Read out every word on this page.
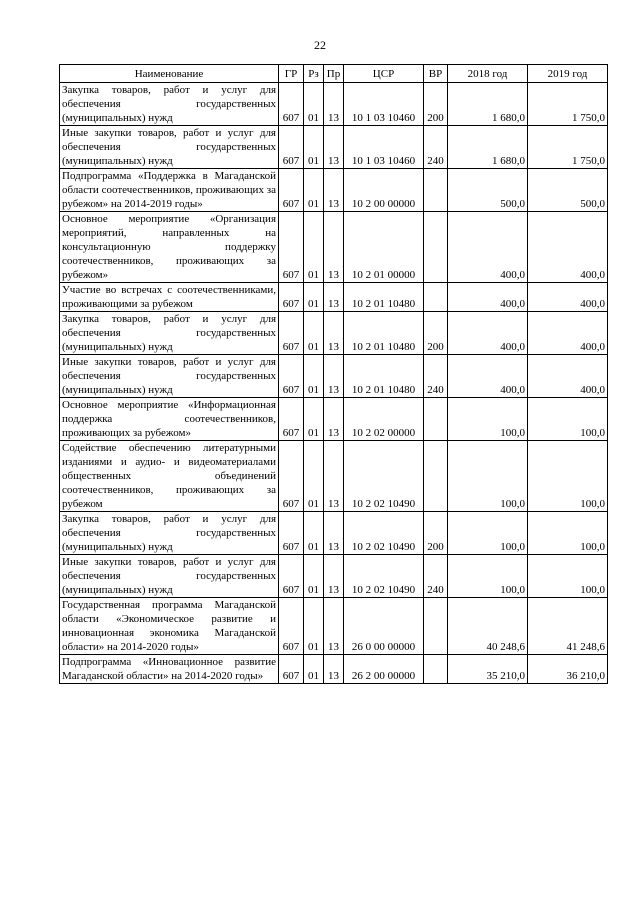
22
Наименование	ГР	Рз	Пр	ЦСР	ВР	2018 год	2019 год
Закупка товаров, работ и услуг для обеспечения государственных (муниципальных) нужд	607	01	13	10 1 03 10460	200	1 680,0	1 750,0
Иные закупки товаров, работ и услуг для обеспечения государственных (муниципальных) нужд	607	01	13	10 1 03 10460	240	1 680,0	1 750,0
Подпрограмма «Поддержка в Магаданской области соотечественников, проживающих за рубежом» на 2014-2019 годы»	607	01	13	10 2 00 00000		500,0	500,0
Основное мероприятие «Организация мероприятий, направленных на консультационную поддержку соотечественников, проживающих за рубежом»	607	01	13	10 2 01 00000		400,0	400,0
Участие во встречах с соотечественниками, проживающими за рубежом	607	01	13	10 2 01 10480		400,0	400,0
Закупка товаров, работ и услуг для обеспечения государственных (муниципальных) нужд	607	01	13	10 2 01 10480	200	400,0	400,0
Иные закупки товаров, работ и услуг для обеспечения государственных (муниципальных) нужд	607	01	13	10 2 01 10480	240	400,0	400,0
Основное мероприятие «Информационная поддержка соотечественников, проживающих за рубежом»	607	01	13	10 2 02 00000		100,0	100,0
Содействие обеспечению литературными изданиями и аудио- и видеоматериалами общественных объединений соотечественников, проживающих за рубежом	607	01	13	10 2 02 10490		100,0	100,0
Закупка товаров, работ и услуг для обеспечения государственных (муниципальных) нужд	607	01	13	10 2 02 10490	200	100,0	100,0
Иные закупки товаров, работ и услуг для обеспечения государственных (муниципальных) нужд	607	01	13	10 2 02 10490	240	100,0	100,0
Государственная программа Магаданской области «Экономическое развитие и инновационная экономика Магаданской области» на 2014-2020 годы»	607	01	13	26 0 00 00000		40 248,6	41 248,6
Подпрограмма «Инновационное развитие Магаданской области» на 2014-2020 годы»	607	01	13	26 2 00 00000		35 210,0	36 210,0
